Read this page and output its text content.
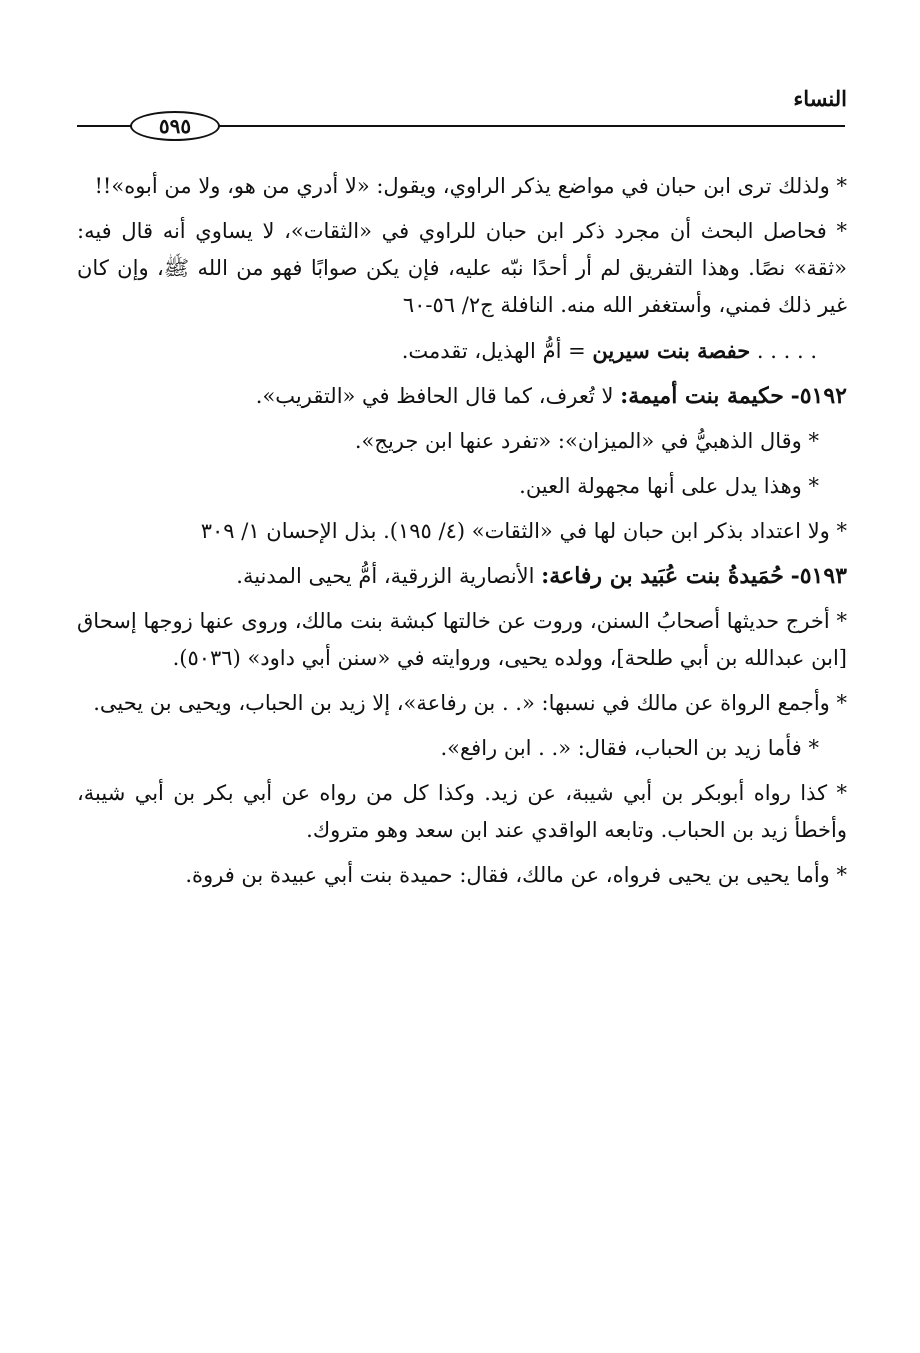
النساء
٥٩٥

* ولذلك ترى ابن حبان في مواضع يذكر الراوي، ويقول: «لا أدري من هو، ولا من أبوه»!!

* فحاصل البحث أن مجرد ذكر ابن حبان للراوي في «الثقات»، لا يساوي أنه قال فيه: «ثقة» نصًا. وهذا التفريق لم أر أحدًا نبّه عليه، فإن يكن صوابًا فهو من الله ﷺ، وإن كان غير ذلك فمني، وأستغفر الله منه. النافلة ج٢/ ٥٦-٦٠

. . . . . حفصة بنت سيرين = أمُّ الهذيل، تقدمت.

٥١٩٢- حكيمة بنت أميمة: لا تُعرف، كما قال الحافظ في «التقريب».

* وقال الذهبيُّ في «الميزان»: «تفرد عنها ابن جريج».

* وهذا يدل على أنها مجهولة العين.

* ولا اعتداد بذكر ابن حبان لها في «الثقات» (٤/ ١٩٥). بذل الإحسان ١/ ٣٠٩

٥١٩٣- حُمَيدةُ بنت عُبَيد بن رفاعة: الأنصارية الزرقية، أمُّ يحيى المدنية.

* أخرج حديثها أصحابُ السنن، وروت عن خالتها كبشة بنت مالك، وروى عنها زوجها إسحاق [ابن عبدالله بن أبي طلحة]، وولده يحيى، وروايته في «سنن أبي داود» (٥٠٣٦).

* وأجمع الرواة عن مالك في نسبها: «. . بن رفاعة»، إلا زيد بن الحباب، ويحيى بن يحيى.

* فأما زيد بن الحباب، فقال: «. . ابن رافع».

* كذا رواه أبوبكر بن أبي شيبة، عن زيد. وكذا كل من رواه عن أبي بكر بن أبي شيبة، وأخطأ زيد بن الحباب. وتابعه الواقدي عند ابن سعد وهو متروك.

* وأما يحيى بن يحيى فرواه، عن مالك، فقال: حميدة بنت أبي عبيدة بن فروة.
